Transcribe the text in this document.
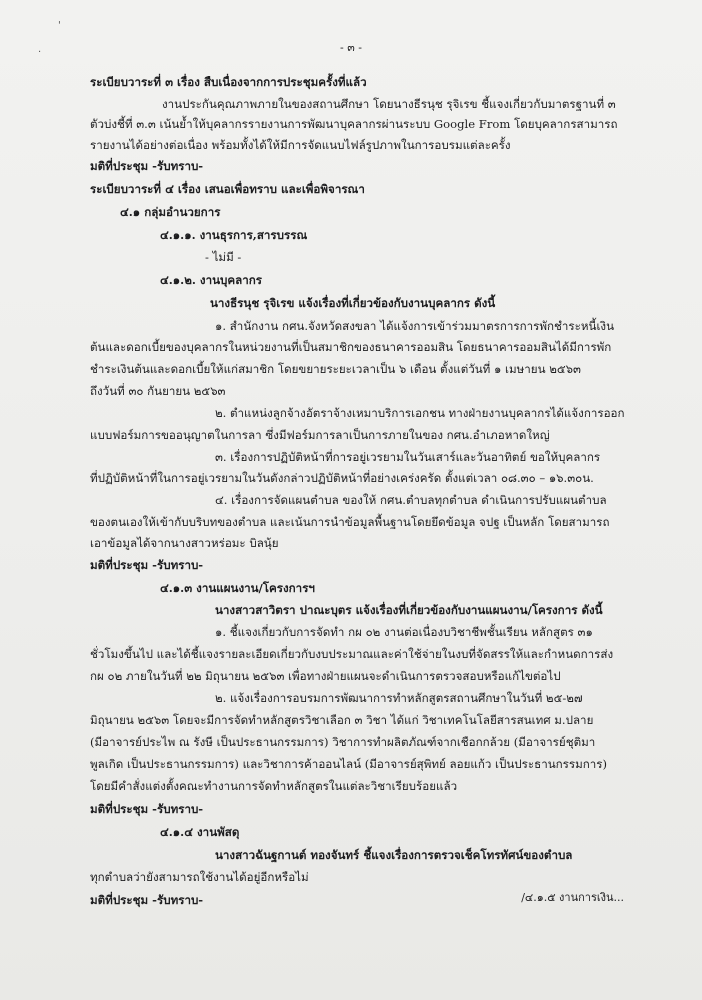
'
.	- ๓ -
ระเบียบวาระที่ ๓ เรื่อง สืบเนื่องจากการประชุมครั้งที่แล้ว
งานประกันคุณภาพภายในของสถานศึกษา โดยนางธีรนุช รุจิเรข ชี้แจงเกี่ยวกับมาตรฐานที่ ๓
ตัวบ่งชี้ที่ ๓.๓ เน้นย้ำให้บุคลากรรายงานการพัฒนาบุคลากรผ่านระบบ Google From โดยบุคลากรสามารถ
รายงานได้อย่างต่อเนื่อง พร้อมทั้งได้ให้มีการจัดแนบไฟล์รูปภาพในการอบรมแต่ละครั้ง
มติที่ประชุม -รับทราบ-
ระเบียบวาระที่ ๔ เรื่อง เสนอเพื่อทราบ และเพื่อพิจารณา
๔.๑ กลุ่มอำนวยการ
๔.๑.๑. งานธุรการ,สารบรรณ
- ไม่มี -
๔.๑.๒. งานบุคลากร
นางธีรนุช รุจิเรข แจ้งเรื่องที่เกี่ยวข้องกับงานบุคลากร ดังนี้
๑. สำนักงาน กศน.จังหวัดสงขลา ได้แจ้งการเข้าร่วมมาตรการการพักชำระหนี้เงิน
ต้นและดอกเบี้ยของบุคลากรในหน่วยงานที่เป็นสมาชิกของธนาคารออมสิน โดยธนาคารออมสินได้มีการพัก
ชำระเงินต้นและดอกเบี้ยให้แก่สมาชิก โดยขยายระยะเวลาเป็น ๖ เดือน ตั้งแต่วันที่ ๑ เมษายน ๒๕๖๓
ถึงวันที่ ๓๐ กันยายน ๒๕๖๓
๒. ตำแหน่งลูกจ้างอัตราจ้างเหมาบริการเอกชน ทางฝ่ายงานบุคลากรได้แจ้งการออก
แบบฟอร์มการขออนุญาตในการลา ซึ่งมีฟอร์มการลาเป็นการภายในของ กศน.อำเภอหาดใหญ่
๓. เรื่องการปฏิบัติหน้าที่การอยู่เวรยามในวันเสาร์และวันอาทิตย์ ขอให้บุคลากร
ที่ปฏิบัติหน้าที่ในการอยู่เวรยามในวันดังกล่าวปฏิบัติหน้าที่อย่างเคร่งครัด ตั้งแต่เวลา ๐๘.๓๐ – ๑๖.๓๐น.
๔. เรื่องการจัดแผนตำบล ของให้ กศน.ตำบลทุกตำบล ดำเนินการปรับแผนตำบล
ของตนเองให้เข้ากับบริบทของตำบล และเน้นการนำข้อมูลพื้นฐานโดยยึดข้อมูล จปฐ เป็นหลัก โดยสามารถ
เอาข้อมูลได้จากนางสาวหร่อมะ บิลนุ้ย
มติที่ประชุม -รับทราบ-
๔.๑.๓ งานแผนงาน/โครงการฯ
นางสาวสาวิตรา ปาณะบุตร แจ้งเรื่องที่เกี่ยวข้องกับงานแผนงาน/โครงการ ดังนี้
๑. ชี้แจงเกี่ยวกับการจัดทำ กผ ๐๒ งานต่อเนื่องบวิชาชีพชั้นเรียน หลักสูตร ๓๑
ชั่วโมงขึ้นไป และได้ชี้แจงรายละเอียดเกี่ยวกับงบประมาณและค่าใช้จ่ายในงบที่จัดสรรให้และกำหนดการส่ง
กผ ๐๒ ภายในวันที่ ๒๒ มิถุนายน ๒๕๖๓ เพื่อทางฝ่ายแผนจะดำเนินการตรวจสอบหรือแก้ไขต่อไป
๒. แจ้งเรื่องการอบรมการพัฒนาการทำหลักสูตรสถานศึกษาในวันที่ ๒๕-๒๗
มิถุนายน ๒๕๖๓ โดยจะมีการจัดทำหลักสูตรวิชาเลือก ๓ วิชา ได้แก่ วิชาเทคโนโลยีสารสนเทศ ม.ปลาย
(มีอาจารย์ประไพ ณ รังษี เป็นประธานกรรมการ) วิชาการทำผลิตภัณฑ์จากเชือกกล้วย (มีอาจารย์ชุติมา
พูลเกิด เป็นประธานกรรมการ) และวิชาการค้าออนไลน์ (มีอาจารย์สุพิทย์ ลอยแก้ว เป็นประธานกรรมการ)
โดยมีคำสั่งแต่งตั้งคณะทำงานการจัดทำหลักสูตรในแต่ละวิชาเรียบร้อยแล้ว
มติที่ประชุม -รับทราบ-
๔.๑.๔ งานพัสดุ
นางสาวฉันฐกานต์ ทองจันทร์ ชี้แจงเรื่องการตรวจเช็คโทรทัศน์ของตำบล
ทุกตำบลว่ายังสามารถใช้งานได้อยู่อีกหรือไม่
มติที่ประชุม -รับทราบ-	/๔.๑.๕ งานการเงิน...
